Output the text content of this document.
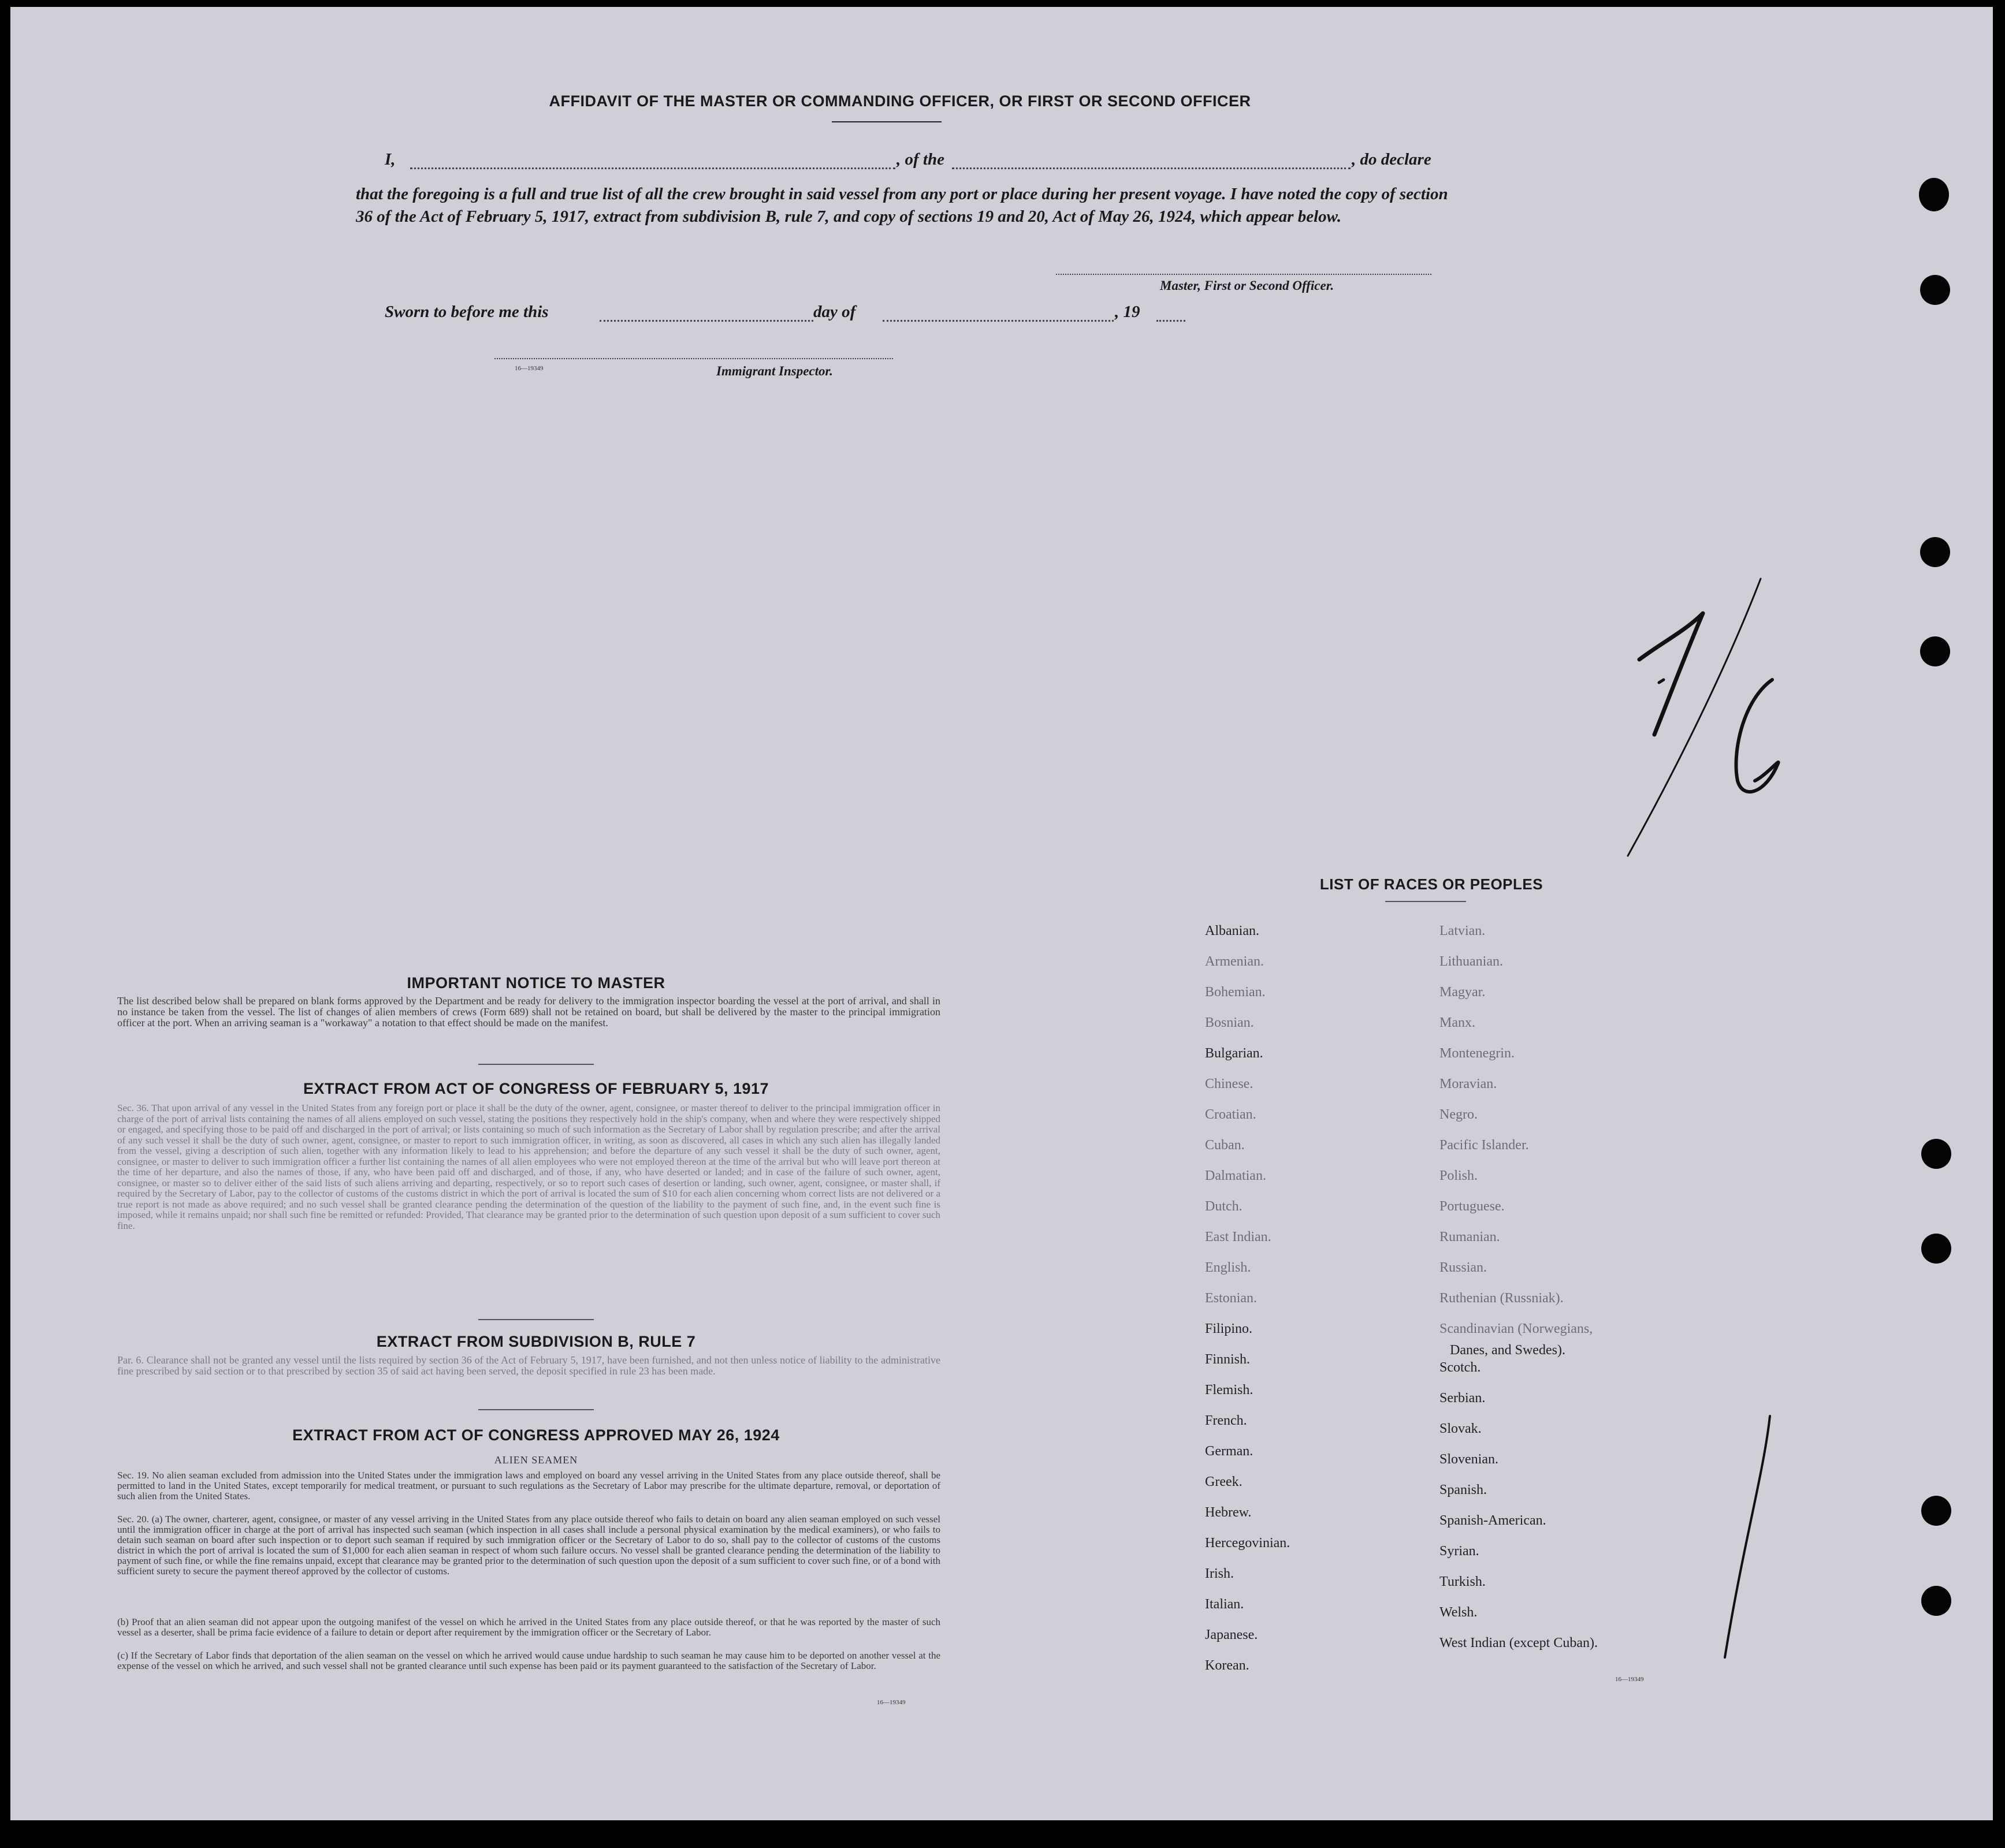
AFFIDAVIT OF THE MASTER OR COMMANDING OFFICER, OR FIRST OR SECOND OFFICER
I,	, of the	, do declare
that the foregoing is a full and true list of all the crew brought in said vessel from any port or place during her present voyage. I have noted the copy of section 36 of the Act of February 5, 1917, extract from subdivision B, rule 7, and copy of sections 19 and 20, Act of May 26, 1924, which appear below.
Master, First or Second Officer.
Sworn to before me this	day of	, 19
16—19349	Immigrant Inspector.
IMPORTANT NOTICE TO MASTER
The list described below shall be prepared on blank forms approved by the Department and be ready for delivery to the immigration inspector boarding the vessel at the port of arrival, and shall in no instance be taken from the vessel. The list of changes of alien members of crews (Form 689) shall not be retained on board, but shall be delivered by the master to the principal immigration officer at the port. When an arriving seaman is a "workaway" a notation to that effect should be made on the manifest.
EXTRACT FROM ACT OF CONGRESS OF FEBRUARY 5, 1917
Sec. 36. That upon arrival of any vessel in the United States from any foreign port or place it shall be the duty of the owner, agent, consignee, or master thereof to deliver to the principal immigration officer in charge of the port of arrival lists containing the names of all aliens employed on such vessel, stating the positions they respectively hold in the ship's company, when and where they were respectively shipped or engaged, and specifying those to be paid off and discharged in the port of arrival; or lists containing so much of such information as the Secretary of Labor shall by regulation prescribe; and after the arrival of any such vessel it shall be the duty of such owner, agent, consignee, or master to report to such immigration officer, in writing, as soon as discovered, all cases in which any such alien has illegally landed from the vessel, giving a description of such alien, together with any information likely to lead to his apprehension; and before the departure of any such vessel it shall be the duty of such owner, agent, consignee, or master to deliver to such immigration officer a further list containing the names of all alien employees who were not employed thereon at the time of the arrival but who will leave port thereon at the time of her departure, and also the names of those, if any, who have been paid off and discharged, and of those, if any, who have deserted or landed; and in case of the failure of such owner, agent, consignee, or master so to deliver either of the said lists of such aliens arriving and departing, respectively, or so to report such cases of desertion or landing, such owner, agent, consignee, or master shall, if required by the Secretary of Labor, pay to the collector of customs of the customs district in which the port of arrival is located the sum of $10 for each alien concerning whom correct lists are not delivered or a true report is not made as above required; and no such vessel shall be granted clearance pending the determination of the question of the liability to the payment of such fine, and, in the event such fine is imposed, while it remains unpaid; nor shall such fine be remitted or refunded: Provided, That clearance may be granted prior to the determination of such question upon deposit of a sum sufficient to cover such fine.
EXTRACT FROM SUBDIVISION B, RULE 7
Par. 6. Clearance shall not be granted any vessel until the lists required by section 36 of the Act of February 5, 1917, have been furnished, and not then unless notice of liability to the administrative fine prescribed by said section or to that prescribed by section 35 of said act having been served, the deposit specified in rule 23 has been made.
EXTRACT FROM ACT OF CONGRESS APPROVED MAY 26, 1924
ALIEN SEAMEN
Sec. 19. No alien seaman excluded from admission into the United States under the immigration laws and employed on board any vessel arriving in the United States from any place outside thereof, shall be permitted to land in the United States, except temporarily for medical treatment, or pursuant to such regulations as the Secretary of Labor may prescribe for the ultimate departure, removal, or deportation of such alien from the United States.
Sec. 20. (a) The owner, charterer, agent, consignee, or master of any vessel arriving in the United States from any place outside thereof who fails to detain on board any alien seaman employed on such vessel until the immigration officer in charge at the port of arrival has inspected such seaman (which inspection in all cases shall include a personal physical examination by the medical examiners), or who fails to detain such seaman on board after such inspection or to deport such seaman if required by such immigration officer or the Secretary of Labor to do so, shall pay to the collector of customs of the customs district in which the port of arrival is located the sum of $1,000 for each alien seaman in respect of whom such failure occurs. No vessel shall be granted clearance pending the determination of the liability to payment of such fine, or while the fine remains unpaid, except that clearance may be granted prior to the determination of such question upon the deposit of a sum sufficient to cover such fine, or of a bond with sufficient surety to secure the payment thereof approved by the collector of customs.
(b) Proof that an alien seaman did not appear upon the outgoing manifest of the vessel on which he arrived in the United States from any place outside thereof, or that he was reported by the master of such vessel as a deserter, shall be prima facie evidence of a failure to detain or deport after requirement by the immigration officer or the Secretary of Labor.
(c) If the Secretary of Labor finds that deportation of the alien seaman on the vessel on which he arrived would cause undue hardship to such seaman he may cause him to be deported on another vessel at the expense of the vessel on which he arrived, and such vessel shall not be granted clearance until such expense has been paid or its payment guaranteed to the satisfaction of the Secretary of Labor.
16—19349
LIST OF RACES OR PEOPLES
Albanian.
Armenian.
Bohemian.
Bosnian.
Bulgarian.
Chinese.
Croatian.
Cuban.
Dalmatian.
Dutch.
East Indian.
English.
Estonian.
Filipino.
Finnish.
Flemish.
French.
German.
Greek.
Hebrew.
Hercegovinian.
Irish.
Italian.
Japanese.
Korean.
Latvian.
Lithuanian.
Magyar.
Manx.
Montenegrin.
Moravian.
Negro.
Pacific Islander.
Polish.
Portuguese.
Rumanian.
Russian.
Ruthenian (Russniak).
Scandinavian (Norwegians,
Scotch.
Serbian.
Slovak.
Slovenian.
Spanish.
Spanish-American.
Syrian.
Turkish.
Welsh.
West Indian (except Cuban).
Danes, and Swedes).
16—19349
